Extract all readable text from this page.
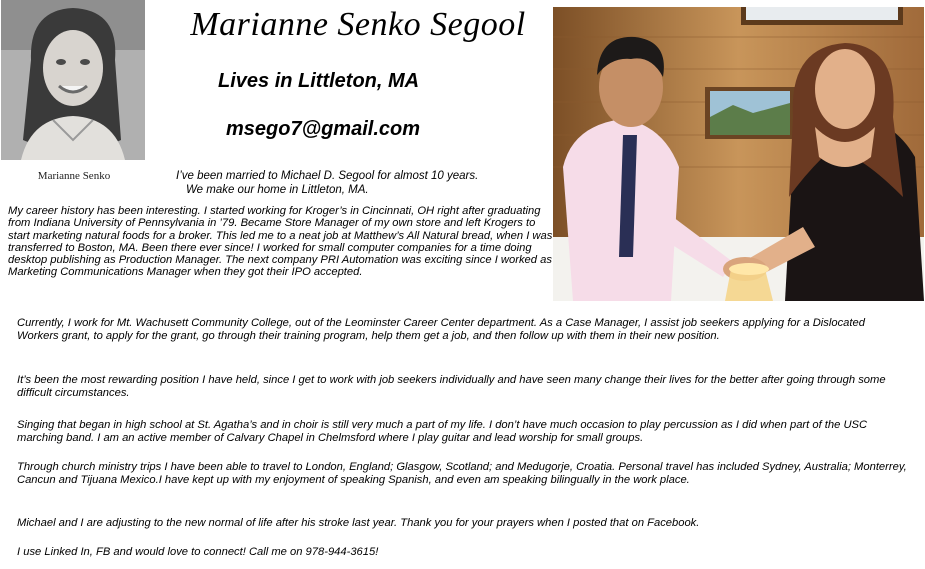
Marianne Senko
Marianne Senko Segool
Lives in Littleton, MA
msego7@gmail.com
I’ve been married to Michael D. Segool for almost 10 years.
We make our home in Littleton, MA.

My career history has been interesting. I started working for Kroger’s in Cincinnati, OH right after graduating from Indiana University of Pennsylvania in ’79. Became Store Manager of my own store and left Krogers to start marketing natural foods for a broker. This led me to a neat job at Matthew’s All Natural bread, when I was transferred to Boston, MA. Been there ever since! I worked for small computer companies for a time doing desktop publishing as Production Manager. The next company PRI Automation was exciting since I worked as Marketing Communications Manager when they got their IPO accepted.

Currently, I work for Mt. Wachusett Community College, out of the Leominster Career Center department. As a Case Manager, I assist job seekers applying for a Dislocated Workers grant, to apply for the grant, go through their training program, help them get a job, and then follow up with them in their new position.

It’s been the most rewarding position I have held, since I get to work with job seekers individually and have seen many change their lives for the better after going through some difficult circumstances.

Singing that began in high school at St. Agatha’s and in choir is still very much a part of my life. I don’t have much occasion to play percussion as I did when part of the USC marching band. I am an active member of Calvary Chapel in Chelmsford where I play guitar and lead worship for small groups.

Through church ministry trips I have been able to travel to London, England; Glasgow, Scotland; and Medugorje, Croatia. Personal travel has included Sydney, Australia; Monterrey, Cancun and Tijuana Mexico.I have kept up with my enjoyment of speaking Spanish, and even am speaking bilingually in the work place.

Michael and I are adjusting to the new normal of life after his stroke last year. Thank you for your prayers when I posted that on Facebook.

I use Linked In, FB and would love to connect! Call me on 978-944-3615!
